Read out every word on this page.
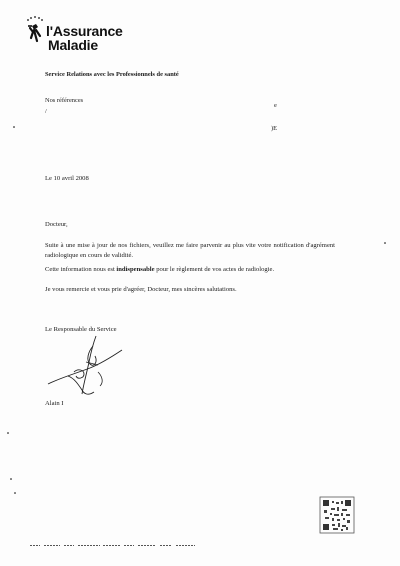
l'Assurance
Maladie
Service Relations avec les Professionnels de santé
Nos références
/
e
)E
Le 10 avril 2008
Docteur,
Suite à une mise à jour de nos fichiers, veuillez me faire parvenir au plus vite votre notification d'agrément radiologique en cours de validité.
Cette information nous est indispensable pour le règlement de vos actes de radiologie.
Je vous remercie et vous prie d'agréer, Docteur, mes sincères salutations.
Le Responsable du Service
Alain I
